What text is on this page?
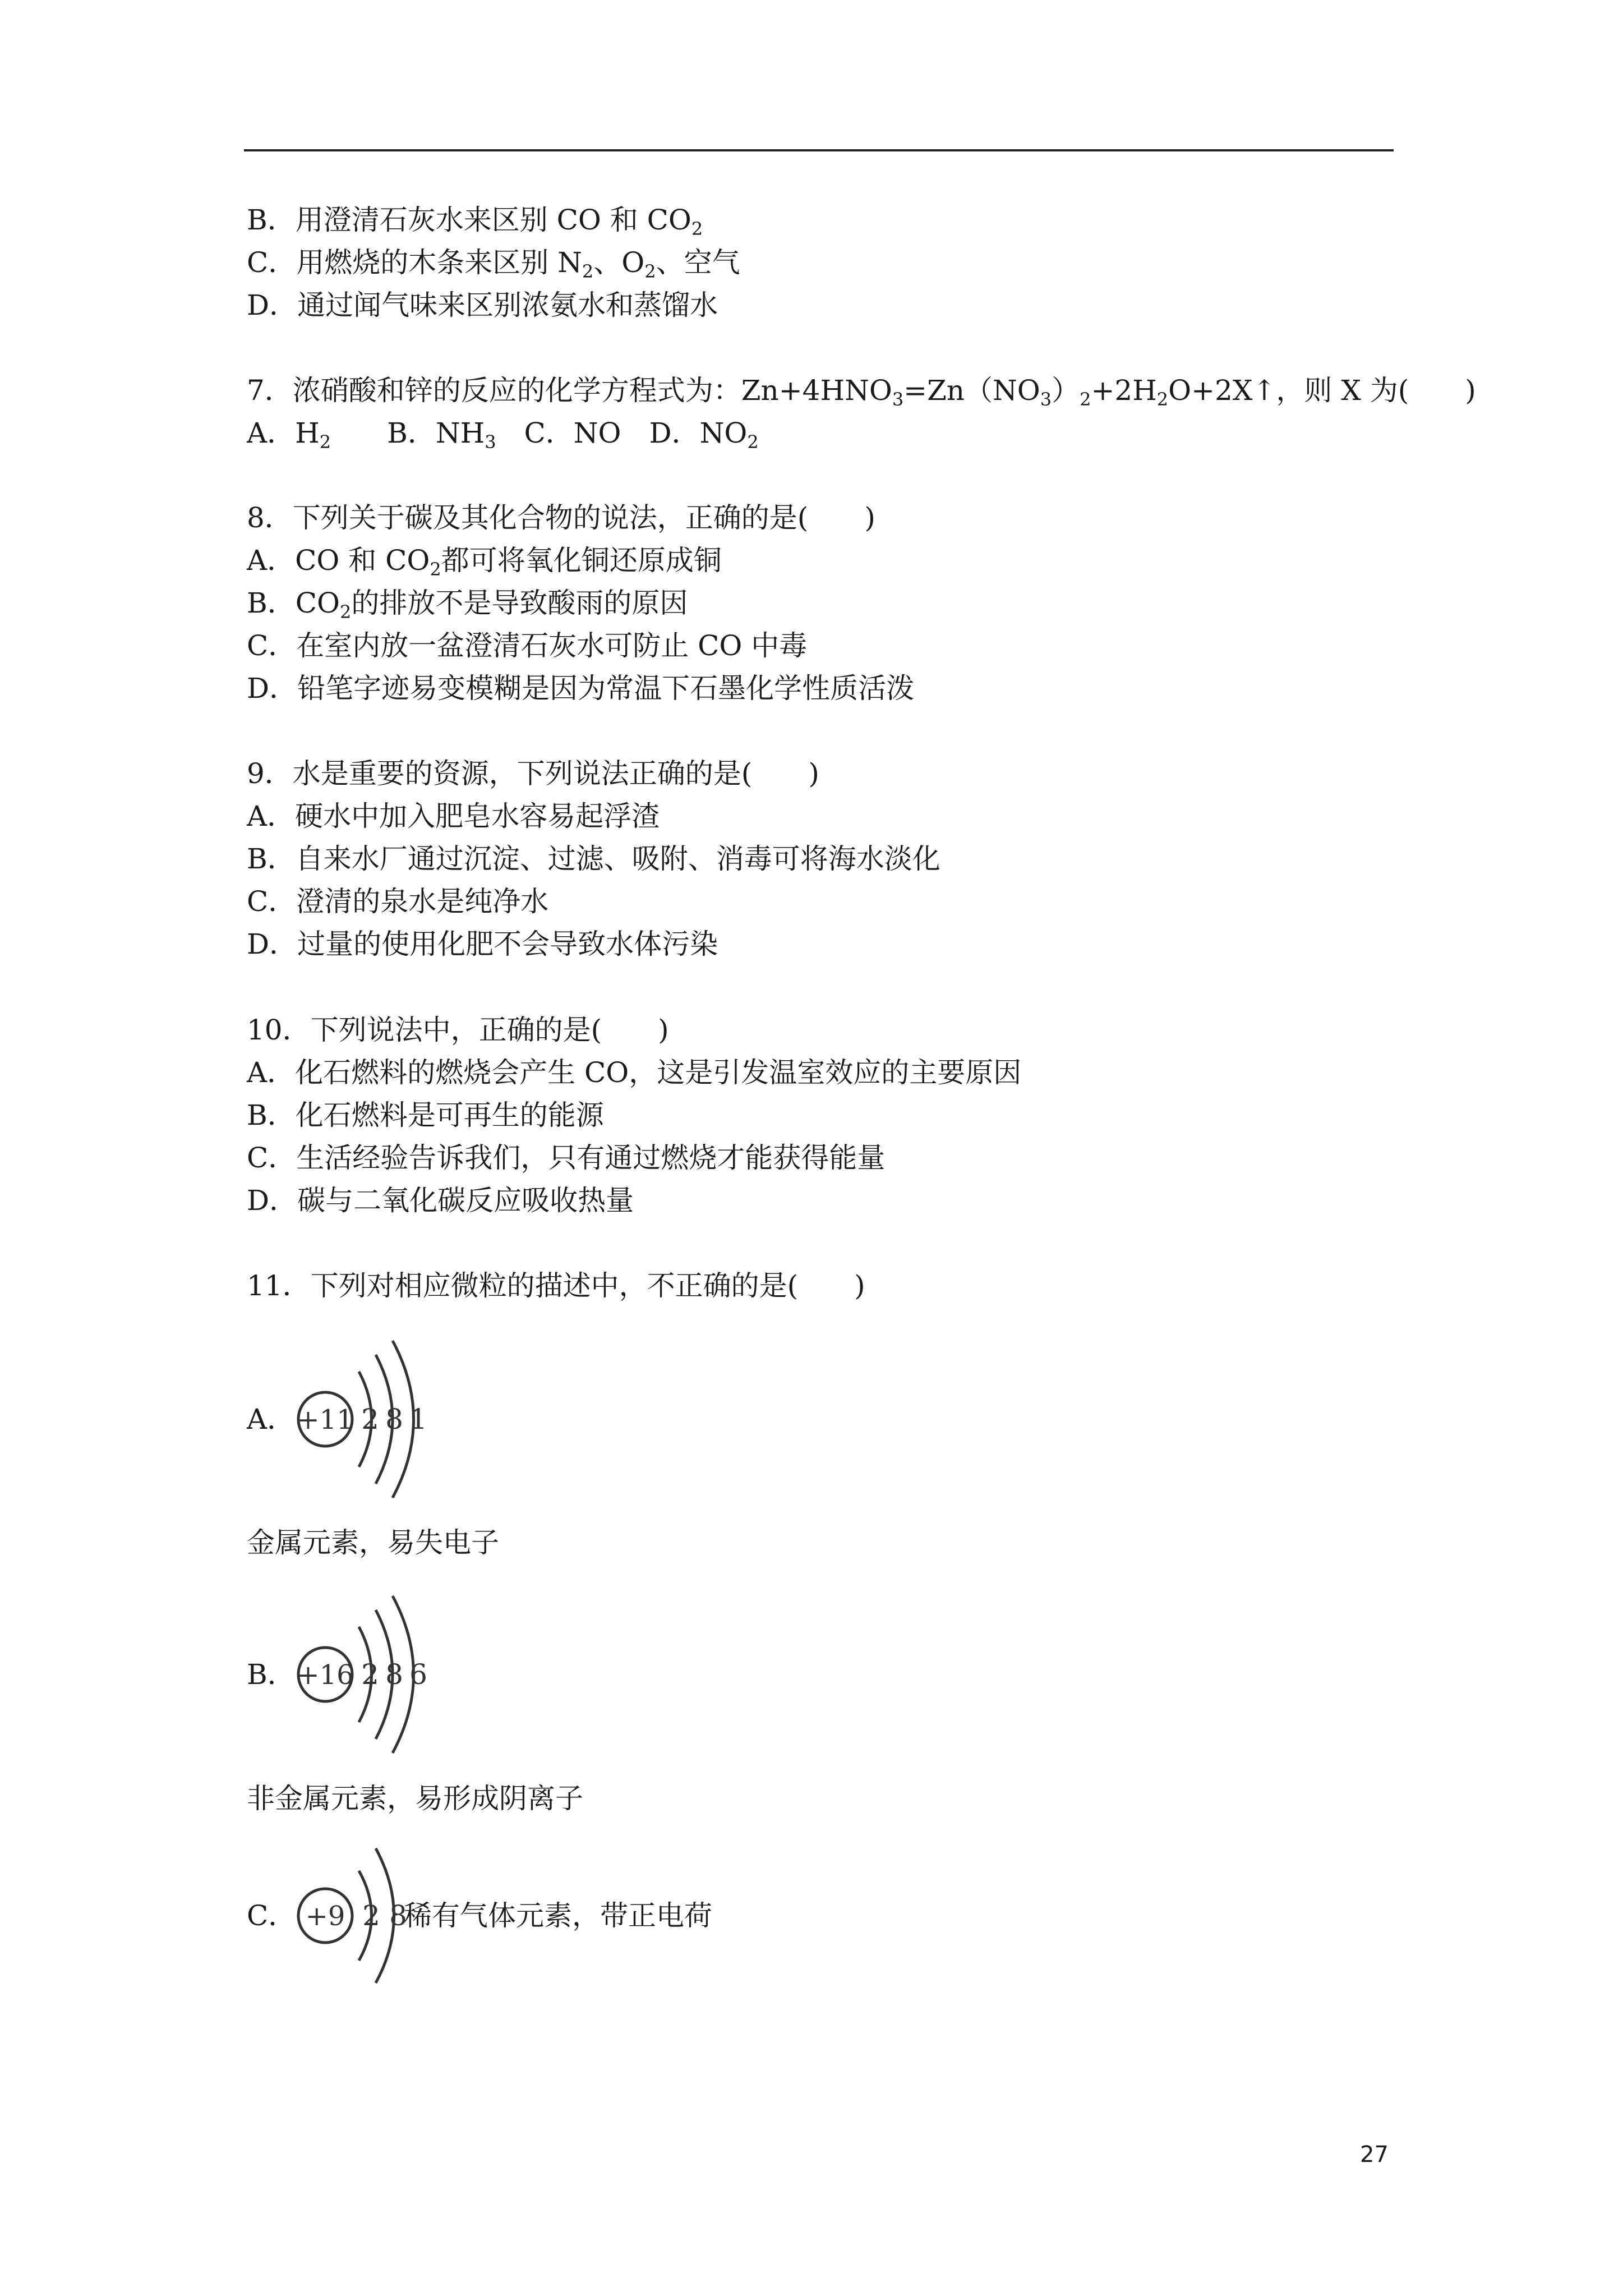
B．用澄清石灰水来区别 CO 和 $CO_2$
C．用燃烧的木条来区别 $N_2$、$O_2$、空气
D．通过闻气味来区别浓氨水和蒸馏水
7．浓硝酸和锌的反应的化学方程式为：$Zn+4HNO_3=Zn(NO_3)_2+2H_2O+2X↑$，则 X 为(　　)
A．$H_2$　　 B．$NH_3$　 C．NO　 D．$NO_2$
8．下列关于碳及其化合物的说法，正确的是(　　)
A．CO 和 $CO_2$都可将氧化铜还原成铜
B．$CO_2$的排放不是导致酸雨的原因
C．在室内放一盆澄清石灰水可防止 CO 中毒
D．铅笔字迹易变模糊是因为常温下石墨化学性质活泼
9．水是重要的资源，下列说法正确的是(　　)
A．硬水中加入肥皂水容易起浮渣
B．自来水厂通过沉淀、过滤、吸附、消毒可将海水淡化
C．澄清的泉水是纯净水
D．过量的使用化肥不会导致水体污染
10．下列说法中，正确的是(　　)
A．化石燃料的燃烧会产生 CO，这是引发温室效应的主要原因
B．化石燃料是可再生的能源
C．生活经验告诉我们，只有通过燃烧才能获得能量
D．碳与二氧化碳反应吸收热量
11．下列对相应微粒的描述中，不正确的是(　　)
A． +11 2 8 1
金属元素，易失电子
B． +16 2 8 6
非金属元素，易形成阴离子
C． +9 2 8
稀有气体元素，带正电荷
27
